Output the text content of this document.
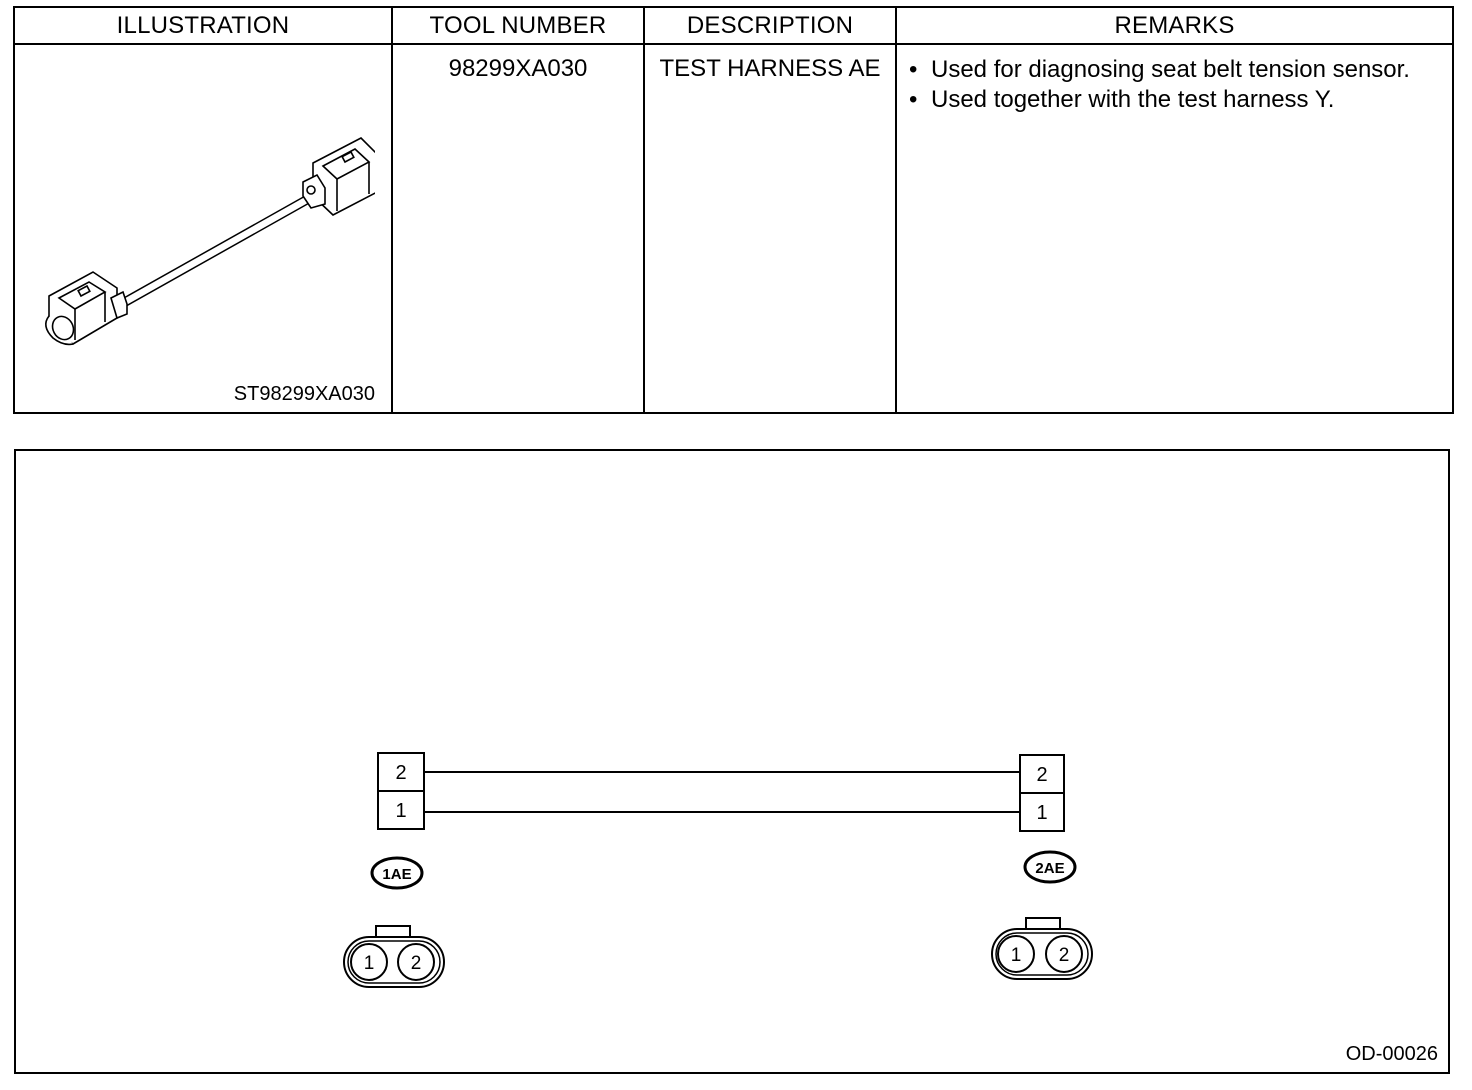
ILLUSTRATION
ST98299XA030
TOOL NUMBER
98299XA030
DESCRIPTION
TEST HARNESS AE
REMARKS
• Used for diagnosing seat belt tension sensor.
• Used together with the test harness Y.
2
1
2
1
1AE	2AE
1 2	1 2
OD-00026
